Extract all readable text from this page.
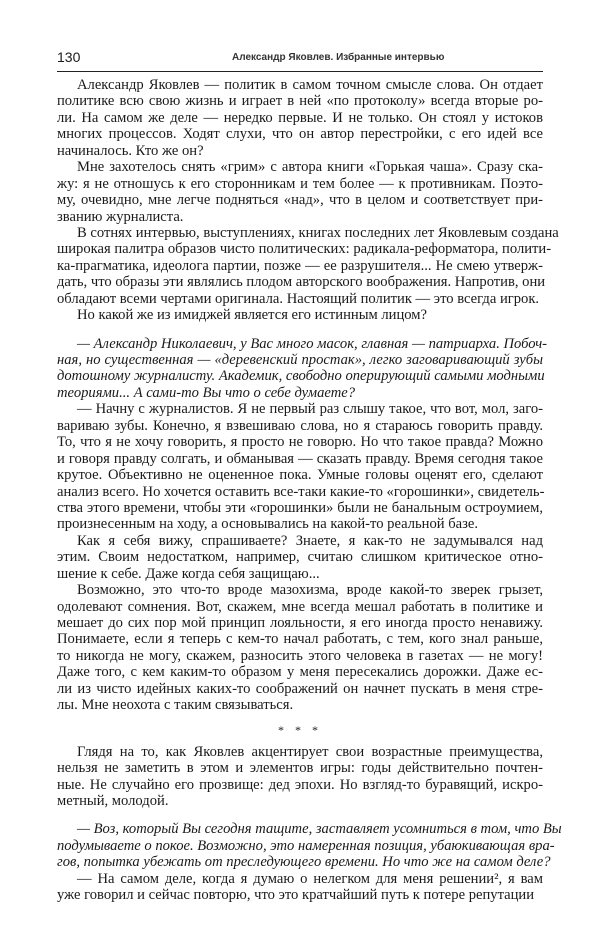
130	Александр Яковлев. Избранные интервью
Александр Яковлев — политик в самом точном смысле слова. Он отдает
политике всю свою жизнь и играет в ней «по протоколу» всегда вторые ро-
ли. На самом же деле — нередко первые. И не только. Он стоял у истоков
многих процессов. Ходят слухи, что он автор перестройки, с его идей все
начиналось. Кто же он?
Мне захотелось снять «грим» с автора книги «Горькая чаша». Сразу ска-
жу: я не отношусь к его сторонникам и тем более — к противникам. Поэто-
му, очевидно, мне легче подняться «над», что в целом и соответствует при-
званию журналиста.
В сотнях интервью, выступлениях, книгах последних лет Яковлевым создана
широкая палитра образов чисто политических: радикала-реформатора, полити-
ка-прагматика, идеолога партии, позже — ее разрушителя... Не смею утверж-
дать, что образы эти являлись плодом авторского воображения. Напротив, они
обладают всеми чертами оригинала. Настоящий политик — это всегда игрок.
Но какой же из имиджей является его истинным лицом?
— Александр Николаевич, у Вас много масок, главная — патриарха. Побоч-
ная, но существенная — «деревенский простак», легко заговаривающий зубы
дотошному журналисту. Академик, свободно оперирующий самыми модными
теориями... А сами-то Вы что о себе думаете?
— Начну с журналистов. Я не первый раз слышу такое, что вот, мол, заго-
вариваю зубы. Конечно, я взвешиваю слова, но я стараюсь говорить правду.
То, что я не хочу говорить, я просто не говорю. Но что такое правда? Можно
и говоря правду солгать, и обманывая — сказать правду. Время сегодня такое
крутое. Объективно не оцененное пока. Умные головы оценят его, сделают
анализ всего. Но хочется оставить все-таки какие-то «горошинки», свидетель-
ства этого времени, чтобы эти «горошинки» были не банальным остроумием,
произнесенным на ходу, а основывались на какой-то реальной базе.
Как я себя вижу, спрашиваете? Знаете, я как-то не задумывался над
этим. Своим недостатком, например, считаю слишком критическое отно-
шение к себе. Даже когда себя защищаю...
Возможно, это что-то вроде мазохизма, вроде какой-то зверек грызет,
одолевают сомнения. Вот, скажем, мне всегда мешал работать в политике и
мешает до сих пор мой принцип лояльности, я его иногда просто ненавижу.
Понимаете, если я теперь с кем-то начал работать, с тем, кого знал раньше,
то никогда не могу, скажем, разносить этого человека в газетах — не могу!
Даже того, с кем каким-то образом у меня пересекались дорожки. Даже ес-
ли из чисто идейных каких-то соображений он начнет пускать в меня стре-
лы. Мне неохота с таким связываться.
* * *
Глядя на то, как Яковлев акцентирует свои возрастные преимущества,
нельзя не заметить в этом и элементов игры: годы действительно почтен-
ные. Не случайно его прозвище: дед эпохи. Но взгляд-то буравящий, искро-
метный, молодой.
— Воз, который Вы сегодня тащите, заставляет усомниться в том, что Вы
подумываете о покое. Возможно, это намеренная позиция, убаюкивающая вра-
гов, попытка убежать от преследующего времени. Но что же на самом деле?
— На самом деле, когда я думаю о нелегком для меня решении², я вам
уже говорил и сейчас повторю, что это кратчайший путь к потере репутации
